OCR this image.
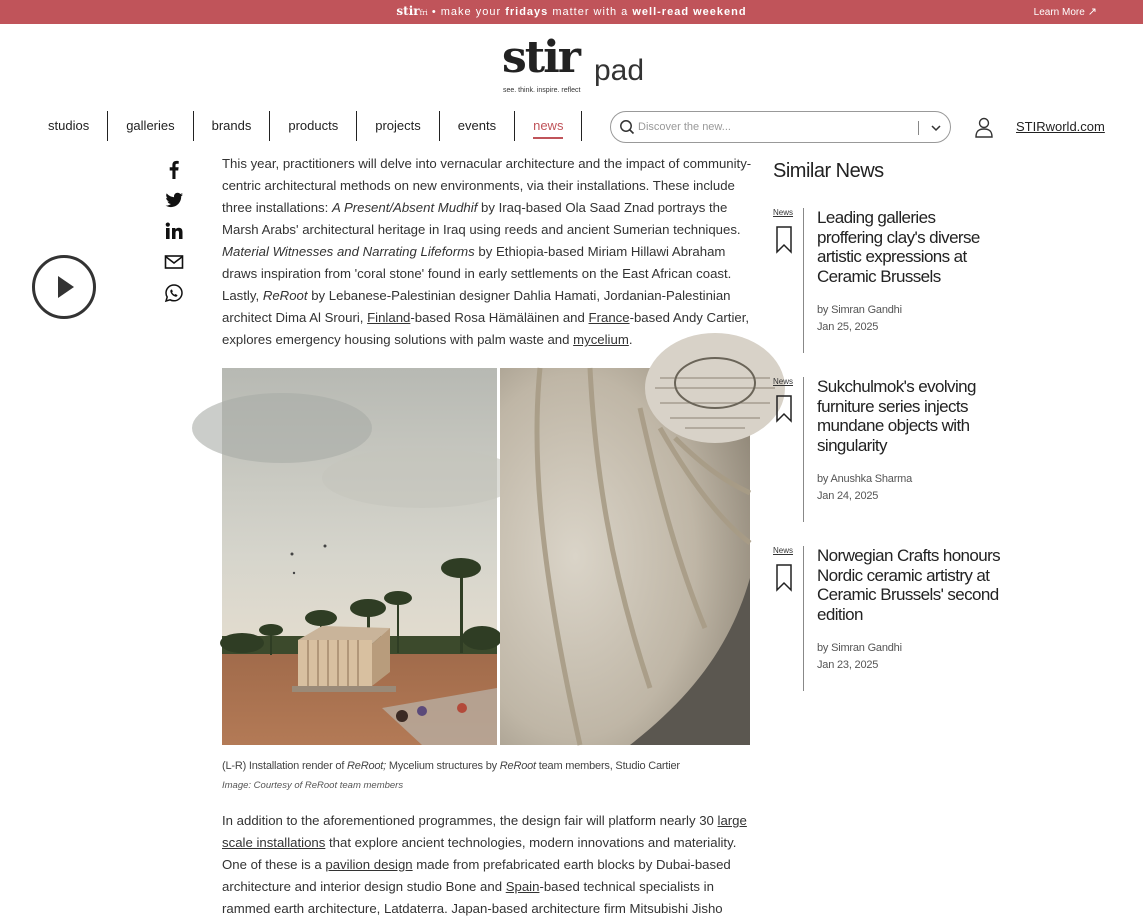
stirfri • make your fridays matter with a well-read weekend	Learn More ↗
stir pad
see. think. inspire. reflect
studios	galleries	brands	products	projects	events	news
Discover the new...	STIRworld.com

This year, practitioners will delve into vernacular architecture and the impact of community-centric architectural methods on new environments, via their installations. These include three installations: A Present/Absent Mudhif by Iraq-based Ola Saad Znad portrays the Marsh Arabs' architectural heritage in Iraq using reeds and ancient Sumerian techniques. Material Witnesses and Narrating Lifeforms by Ethiopia-based Miriam Hillawi Abraham draws inspiration from 'coral stone' found in early settlements on the East African coast. Lastly, ReRoot by Lebanese-Palestinian designer Dahlia Hamati, Jordanian-Palestinian architect Dima Al Srouri, Finland-based Rosa Hämäläinen and France-based Andy Cartier, explores emergency housing solutions with palm waste and mycelium.

(L-R) Installation render of ReRoot; Mycelium structures by ReRoot team members, Studio Cartier
Image: Courtesy of ReRoot team members

In addition to the aforementioned programmes, the design fair will platform nearly 30 large scale installations that explore ancient technologies, modern innovations and materiality. One of these is a pavilion design made from prefabricated earth blocks by Dubai-based architecture and interior design studio Bone and Spain-based technical specialists in rammed earth architecture, Latdaterra. Japan-based architecture firm Mitsubishi Jisho

Similar News
News Leading galleries proffering clay's diverse artistic expressions at Ceramic Brussels
by Simran Gandhi
Jan 25, 2025
News Sukchulmok's evolving furniture series injects mundane objects with singularity
by Anushka Sharma
Jan 24, 2025
News Norwegian Crafts honours Nordic ceramic artistry at Ceramic Brussels' second edition
by Simran Gandhi
Jan 23, 2025
